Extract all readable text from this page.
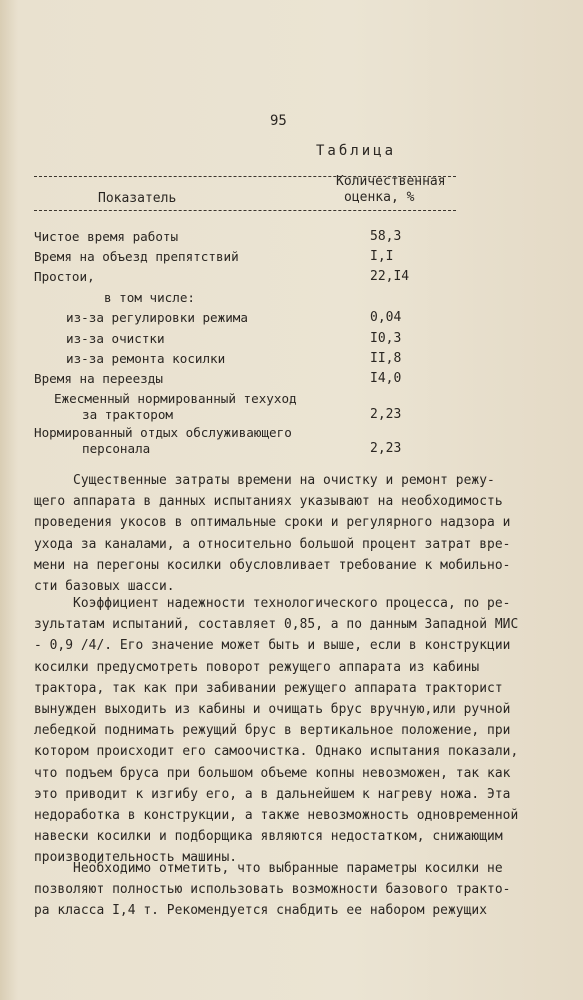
95
Таблица
Показатель
Количественная
оценка, %
Чистое время работы	58,3
Время на объезд препятствий	I,I
Простои,	22,I4
в том числе:
из-за регулировки режима	0,04
из-за очистки	I0,3
из-за ремонта косилки	II,8
Время на переезды	I4,0
Ежесменный нормированный техуход
за трактором	2,23
Нормированный отдых обслуживающего
персонала	2,23
Существенные затраты времени на очистку и ремонт режу-
щего аппарата в данных испытаниях указывают на необходимость
проведения укосов в оптимальные сроки и регулярного надзора и
ухода за каналами, а относительно большой процент затрат вре-
мени на перегоны косилки обусловливает требование к мобильно-
сти базовых шасси.
Коэффициент надежности технологического процесса, по ре-
зультатам испытаний, составляет 0,85, а по данным Западной МИС
- 0,9 /4/. Его значение может быть и выше, если в конструкции
косилки предусмотреть поворот режущего аппарата из кабины
трактора, так как при забивании режущего аппарата тракторист
вынужден выходить из кабины и очищать брус вручную,или ручной
лебедкой поднимать режущий брус в вертикальное положение, при
котором происходит его самоочистка. Однако испытания показали,
что подъем бруса при большом объеме копны невозможен, так как
это приводит к изгибу его, а в дальнейшем к нагреву ножа. Эта
недоработка в конструкции, а также невозможность одновременной
навески косилки и подборщика являются недостатком, снижающим
производительность машины.
Необходимо отметить, что выбранные параметры косилки не
позволяют полностью использовать возможности базового тракто-
ра класса I,4 т. Рекомендуется снабдить ее набором режущих
